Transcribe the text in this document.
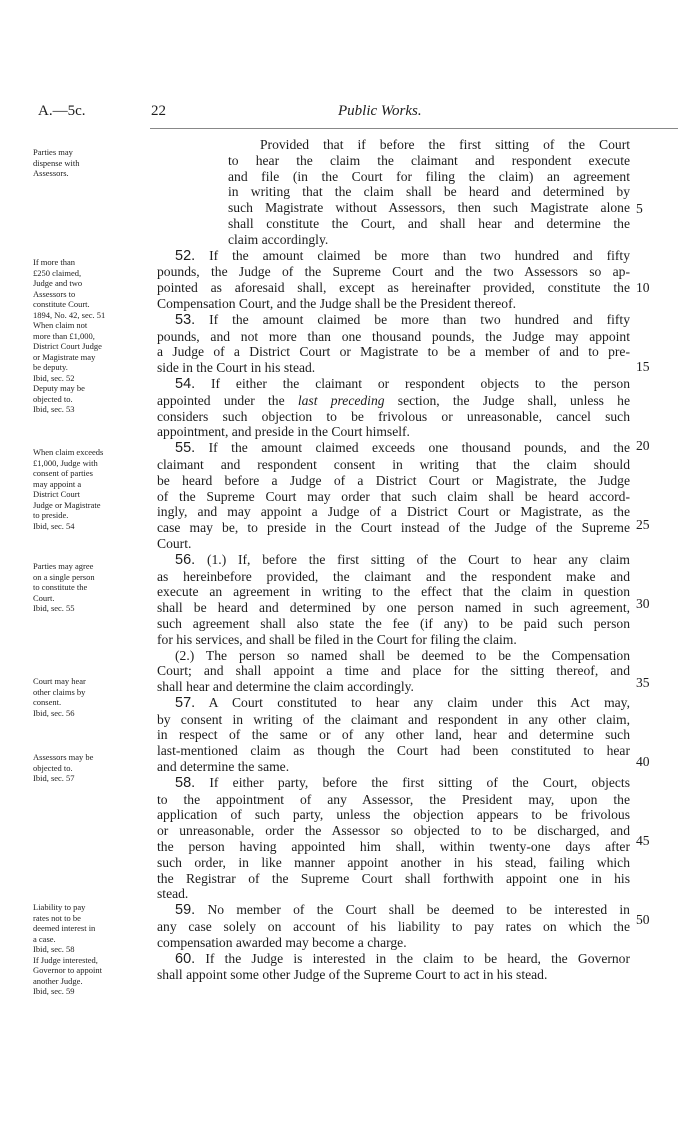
A.—5c.	22	Public Works.
Parties may
dispense with
Assessors.
If more than
£250 claimed,
Judge and two
Assessors to
constitute Court.
1894, No. 42, sec. 51
When claim not
more than £1,000,
District Court Judge
or Magistrate may
be deputy.
Ibid, sec. 52
Deputy may be
objected to.
Ibid, sec. 53
When claim exceeds
£1,000, Judge with
consent of parties
may appoint a
District Court
Judge or Magistrate
to preside.
Ibid, sec. 54
Parties may agree
on a single person
to constitute the
Court.
Ibid, sec. 55
Court may hear
other claims by
consent.
Ibid, sec. 56
Assessors may be
objected to.
Ibid, sec. 57
Liability to pay
rates not to be
deemed interest in
a case.
Ibid, sec. 58
If Judge interested,
Governor to appoint
another Judge.
Ibid, sec. 59
Provided that if before the first sitting of the Court
to hear the claim the claimant and respondent execute
and file (in the Court for filing the claim) an agreement
in writing that the claim shall be heard and determined by
such Magistrate without Assessors, then such Magistrate alone
shall constitute the Court, and shall hear and determine the
claim accordingly.
52. If the amount claimed be more than two hundred and fifty
pounds, the Judge of the Supreme Court and the two Assessors so ap-
pointed as aforesaid shall, except as hereinafter provided, constitute the
Compensation Court, and the Judge shall be the President thereof.
53. If the amount claimed be more than two hundred and fifty
pounds, and not more than one thousand pounds, the Judge may appoint
a Judge of a District Court or Magistrate to be a member of and to pre-
side in the Court in his stead.
54. If either the claimant or respondent objects to the person
appointed under the last preceding section, the Judge shall, unless he
considers such objection to be frivolous or unreasonable, cancel such
appointment, and preside in the Court himself.
55. If the amount claimed exceeds one thousand pounds, and the
claimant and respondent consent in writing that the claim should
be heard before a Judge of a District Court or Magistrate, the Judge
of the Supreme Court may order that such claim shall be heard accord-
ingly, and may appoint a Judge of a District Court or Magistrate, as the
case may be, to preside in the Court instead of the Judge of the Supreme
Court.
56. (1.) If, before the first sitting of the Court to hear any claim
as hereinbefore provided, the claimant and the respondent make and
execute an agreement in writing to the effect that the claim in question
shall be heard and determined by one person named in such agreement,
such agreement shall also state the fee (if any) to be paid such person
for his services, and shall be filed in the Court for filing the claim.
(2.) The person so named shall be deemed to be the Compensation
Court; and shall appoint a time and place for the sitting thereof, and
shall hear and determine the claim accordingly.
57. A Court constituted to hear any claim under this Act may,
by consent in writing of the claimant and respondent in any other claim,
in respect of the same or of any other land, hear and determine such
last-mentioned claim as though the Court had been constituted to hear
and determine the same.
58. If either party, before the first sitting of the Court, objects
to the appointment of any Assessor, the President may, upon the
application of such party, unless the objection appears to be frivolous
or unreasonable, order the Assessor so objected to to be discharged, and
the person having appointed him shall, within twenty-one days after
such order, in like manner appoint another in his stead, failing which
the Registrar of the Supreme Court shall forthwith appoint one in his
stead.
59. No member of the Court shall be deemed to be interested in
any case solely on account of his liability to pay rates on which the
compensation awarded may become a charge.
60. If the Judge is interested in the claim to be heard, the Governor
shall appoint some other Judge of the Supreme Court to act in his stead.
5
10
15
20
25
30
35
40
45
50
